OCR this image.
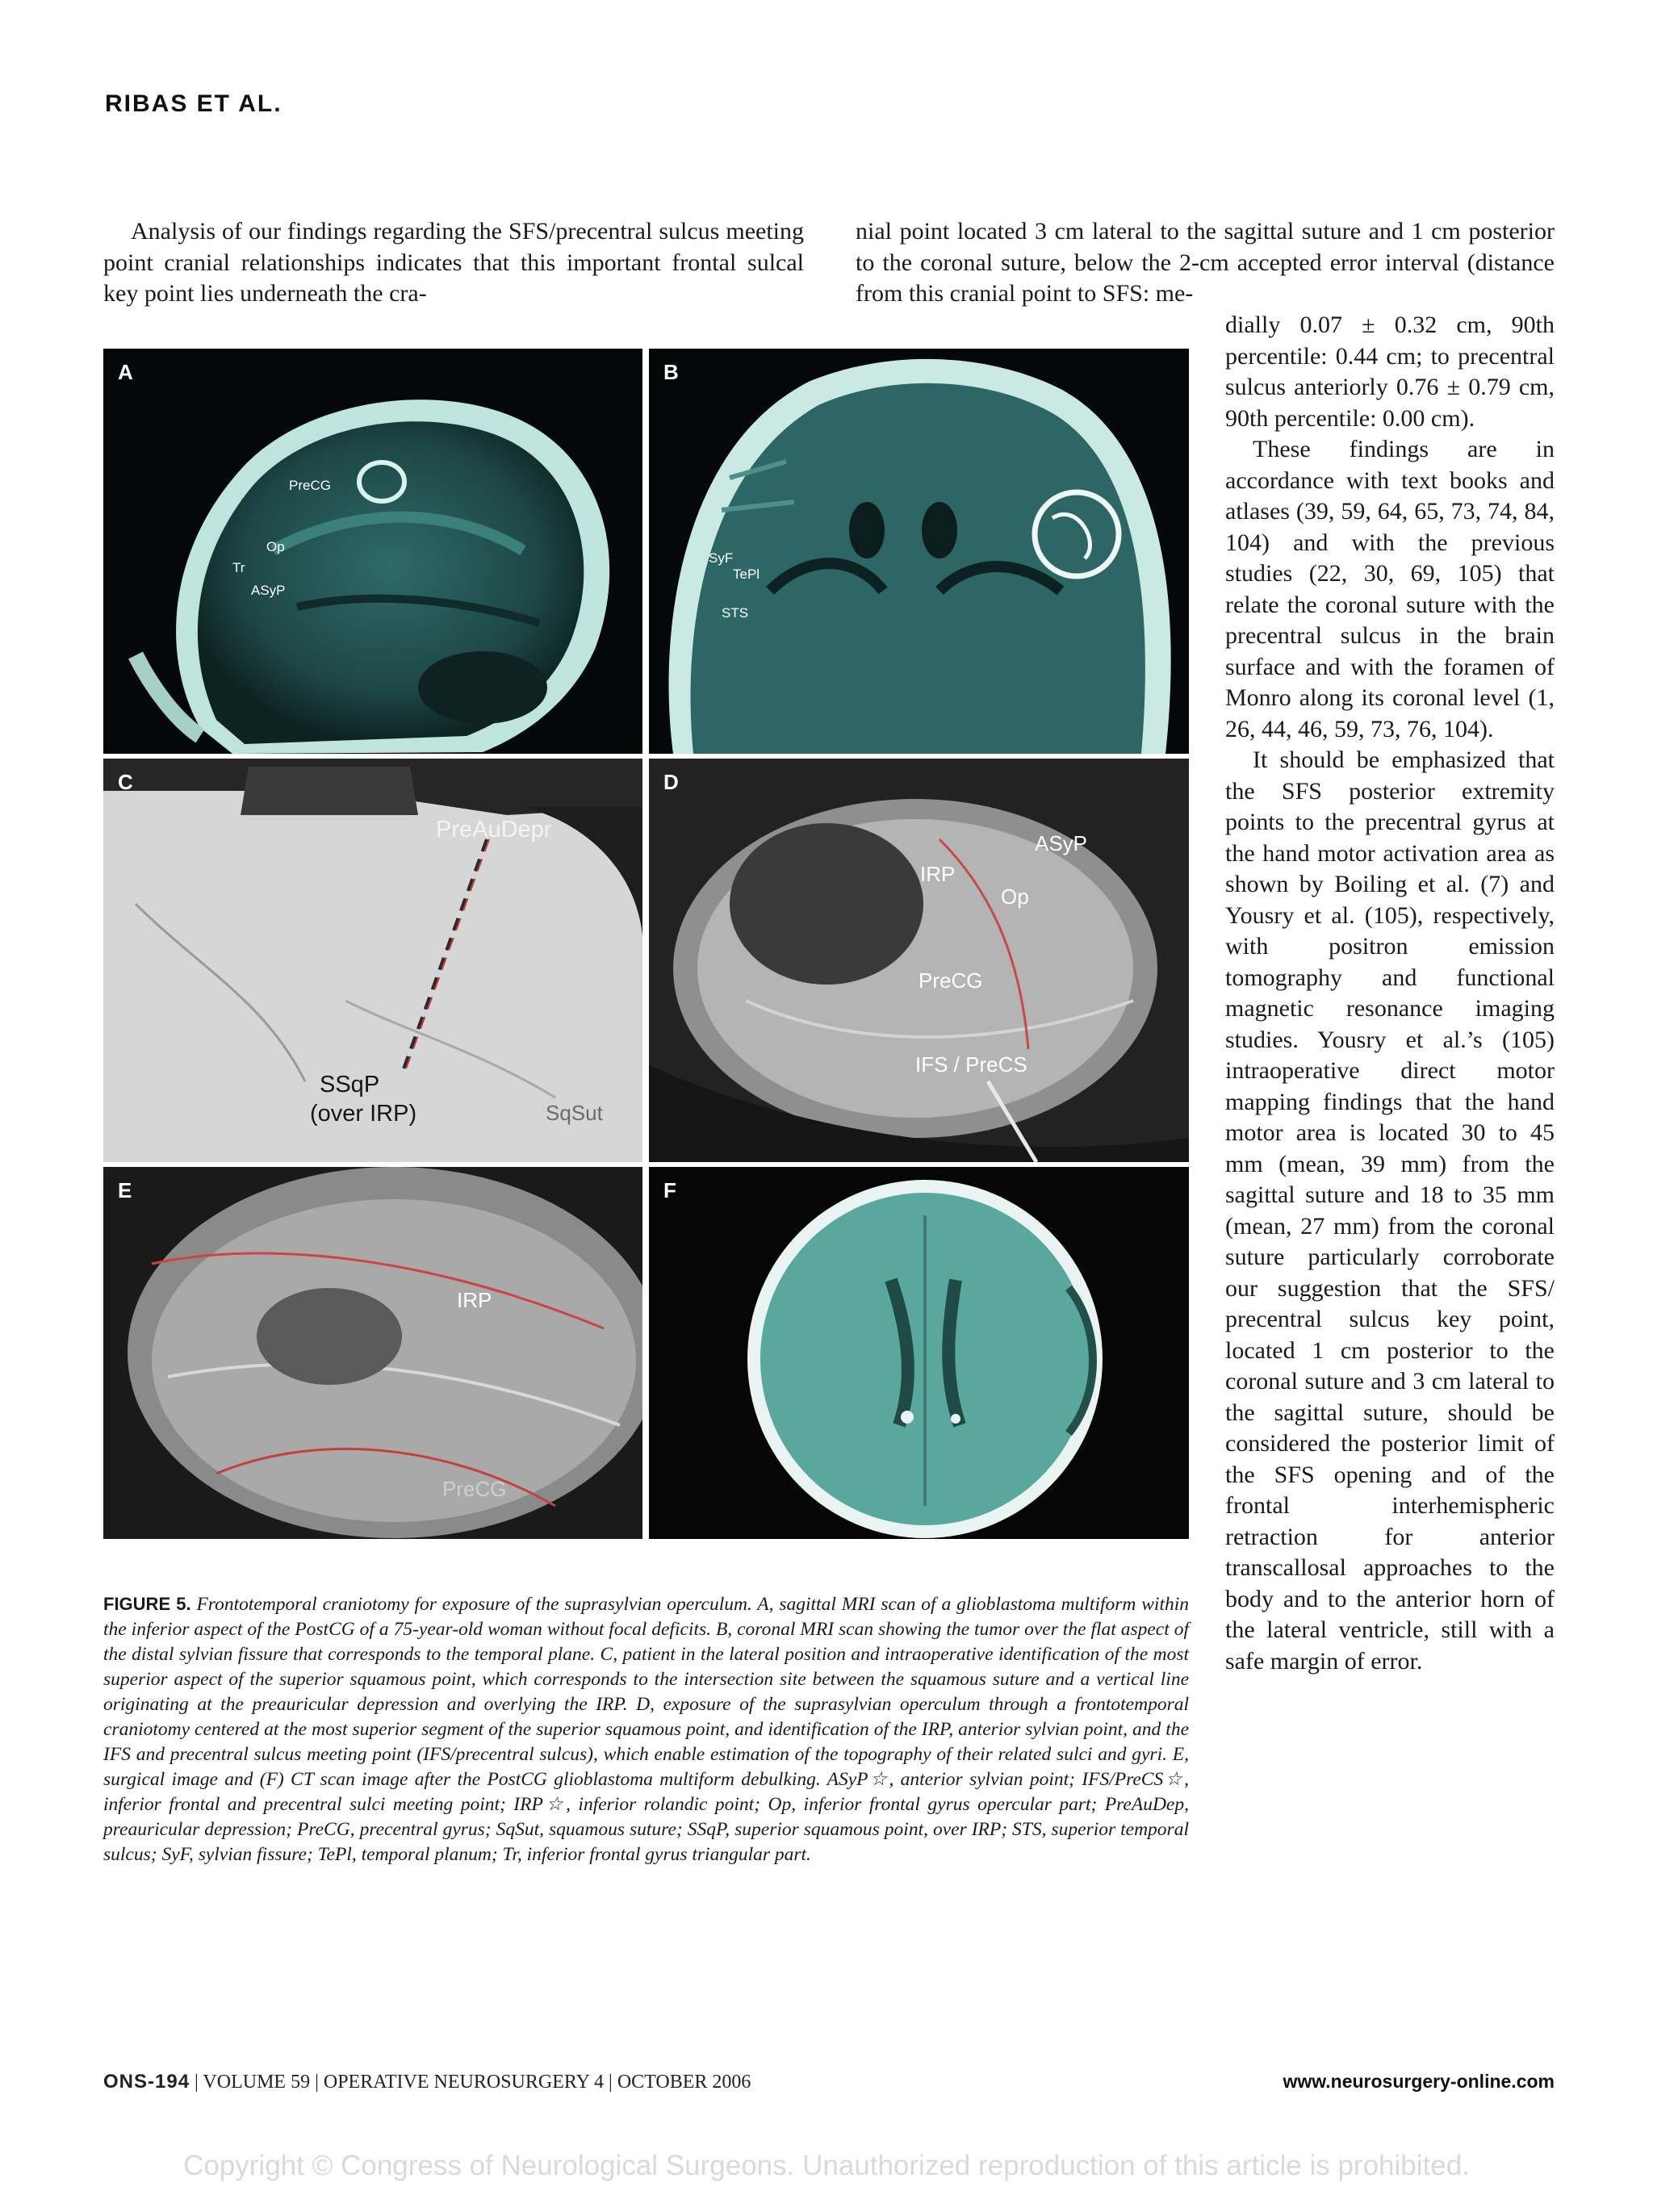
RIBAS ET AL.

Analysis of our findings regarding the SFS/precentral sulcus meeting point cranial relationships indicates that this important frontal sulcal key point lies underneath the cra-

nial point located 3 cm lateral to the sagittal suture and 1 cm posterior to the coronal suture, below the 2-cm accepted error interval (distance from this cranial point to SFS: me-

dially 0.07 ± 0.32 cm, 90th percentile: 0.44 cm; to precentral sulcus anteriorly 0.76 ± 0.79 cm, 90th percentile: 0.00 cm).

These findings are in accordance with text books and atlases (39, 59, 64, 65, 73, 74, 84, 104) and with the previous studies (22, 30, 69, 105) that relate the coronal suture with the precentral sulcus in the brain surface and with the foramen of Monro along its coronal level (1, 26, 44, 46, 59, 73, 76, 104).

It should be emphasized that the SFS posterior extremity points to the precentral gyrus at the hand motor activation area as shown by Boiling et al. (7) and Yousry et al. (105), respectively, with positron emission tomography and functional magnetic resonance imaging studies. Yousry et al.’s (105) intraoperative direct motor mapping findings that the hand motor area is located 30 to 45 mm (mean, 39 mm) from the sagittal suture and 18 to 35 mm (mean, 27 mm) from the coronal suture particularly corroborate our suggestion that the SFS/ precentral sulcus key point, located 1 cm posterior to the coronal suture and 3 cm lateral to the sagittal suture, should be considered the posterior limit of the SFS opening and of the frontal interhemispheric retraction for anterior transcallosal approaches to the body and to the anterior horn of the lateral ventricle, still with a safe margin of error.

A
PreCG
Op
Tr
ASyP
B
SyF
TePl
STS
C
PreAuDepr
SSqP
(over IRP)	SqSut
D
IRP
ASyP
Op
PreCG
IFS / PreCS
E
IRP
PreCG
F
FIGURE 5. Frontotemporal craniotomy for exposure of the suprasylvian operculum. A, sagittal MRI scan of a glioblastoma multiform within the inferior aspect of the PostCG of a 75-year-old woman without focal deficits. B, coronal MRI scan showing the tumor over the flat aspect of the distal sylvian fissure that corresponds to the temporal plane. C, patient in the lateral position and intraoperative identification of the most superior aspect of the superior squamous point, which corresponds to the intersection site between the squamous suture and a vertical line originating at the preauricular depression and overlying the IRP. D, exposure of the suprasylvian operculum through a frontotemporal craniotomy centered at the most superior segment of the superior squamous point, and identification of the IRP, anterior sylvian point, and the IFS and precentral sulcus meeting point (IFS/precentral sulcus), which enable estimation of the topography of their related sulci and gyri. E, surgical image and (F) CT scan image after the PostCG glioblastoma multiform debulking. ASyP☆, anterior sylvian point; IFS/PreCS☆, inferior frontal and precentral sulci meeting point; IRP☆, inferior rolandic point; Op, inferior frontal gyrus opercular part; PreAuDep, preauricular depression; PreCG, precentral gyrus; SqSut, squamous suture; SSqP, superior squamous point, over IRP; STS, superior temporal sulcus; SyF, sylvian fissure; TePl, temporal planum; Tr, inferior frontal gyrus triangular part.
ONS-194 | VOLUME 59 | OPERATIVE NEUROSURGERY 4 | OCTOBER 2006	www.neurosurgery-online.com
Copyright © Congress of Neurological Surgeons. Unauthorized reproduction of this article is prohibited.
